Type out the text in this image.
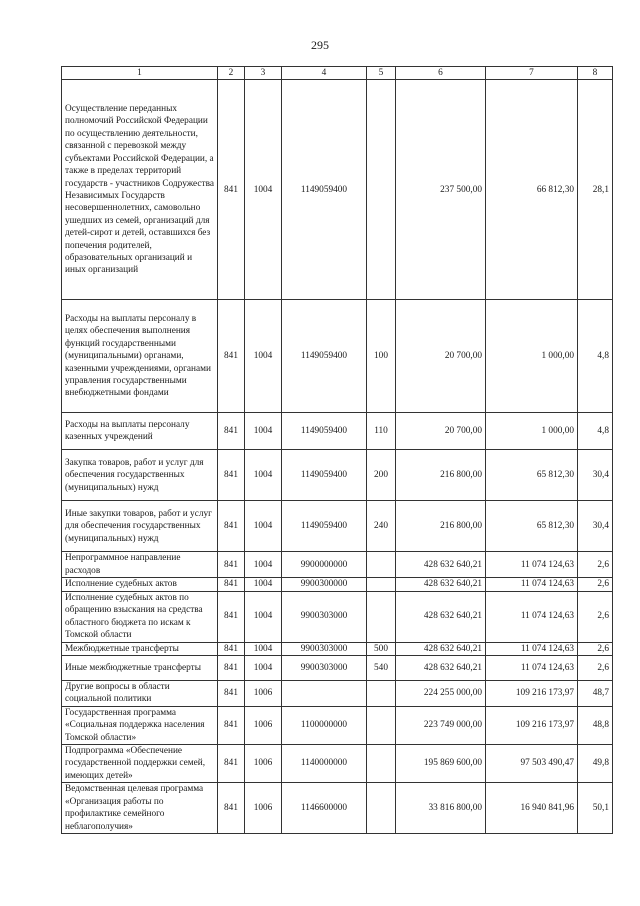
295
1	2	3	4	5	6	7	8
Осуществление переданных полномочий Российской Федерации по осуществлению деятельности, связанной с перевозкой между субъектами Российской Федерации, а также в пределах территорий государств - участников Содружества Независимых Государств несовершеннолетних, самовольно ушедших из семей, организаций для детей-сирот и детей, оставшихся без попечения родителей, образовательных организаций и иных организаций	841	1004	1149059400		237 500,00	66 812,30	28,1
Расходы на выплаты персоналу в целях обеспечения выполнения функций государственными (муниципальными) органами, казенными учреждениями, органами управления государственными внебюджетными фондами	841	1004	1149059400	100	20 700,00	1 000,00	4,8
Расходы на выплаты персоналу казенных учреждений	841	1004	1149059400	110	20 700,00	1 000,00	4,8
Закупка товаров, работ и услуг для обеспечения государственных (муниципальных) нужд	841	1004	1149059400	200	216 800,00	65 812,30	30,4
Иные закупки товаров, работ и услуг для обеспечения государственных (муниципальных) нужд	841	1004	1149059400	240	216 800,00	65 812,30	30,4
Непрограммное направление расходов	841	1004	9900000000		428 632 640,21	11 074 124,63	2,6
Исполнение судебных актов	841	1004	9900300000		428 632 640,21	11 074 124,63	2,6
Исполнение судебных актов по обращению взыскания на средства областного бюджета по искам к Томской области	841	1004	9900303000		428 632 640,21	11 074 124,63	2,6
Межбюджетные трансферты	841	1004	9900303000	500	428 632 640,21	11 074 124,63	2,6
Иные межбюджетные трансферты	841	1004	9900303000	540	428 632 640,21	11 074 124,63	2,6
Другие вопросы в области социальной политики	841	1006			224 255 000,00	109 216 173,97	48,7
Государственная программа «Социальная поддержка населения Томской области»	841	1006	1100000000		223 749 000,00	109 216 173,97	48,8
Подпрограмма «Обеспечение государственной поддержки семей, имеющих детей»	841	1006	1140000000		195 869 600,00	97 503 490,47	49,8
Ведомственная целевая программа «Организация работы по профилактике семейного неблагополучия»	841	1006	1146600000		33 816 800,00	16 940 841,96	50,1
